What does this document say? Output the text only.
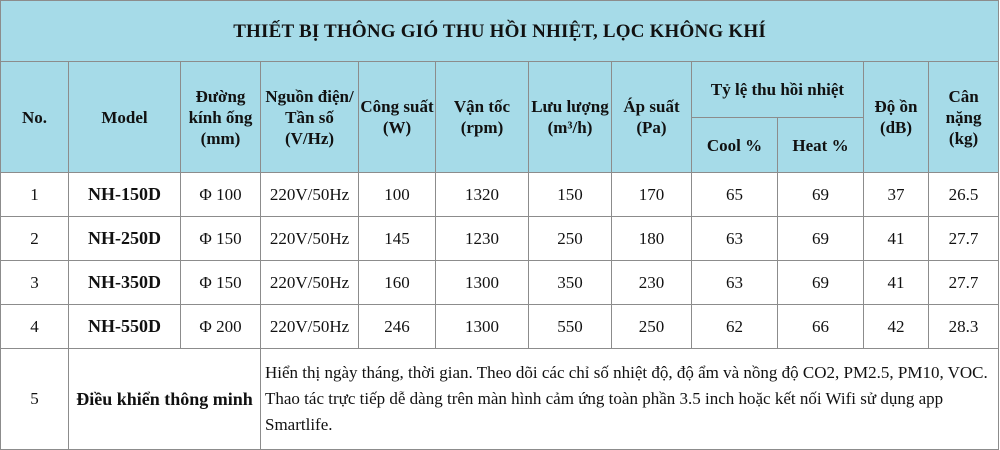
THIẾT BỊ THÔNG GIÓ THU HỒI NHIỆT, LỌC KHÔNG KHÍ											
No.	Model	Đường kính ống (mm)	Nguồn điện/ Tần số (V/Hz)	Công suất (W)	Vận tốc (rpm)	Lưu lượng (m³/h)	Áp suất (Pa)	Tỷ lệ thu hồi nhiệt		Độ ồn (dB)	Cân nặng (kg)
								Cool %	Heat %		
1	NH-150D	Φ 100	220V/50Hz	100	1320	150	170	65	69	37	26.5
2	NH-250D	Φ 150	220V/50Hz	145	1230	250	180	63	69	41	27.7
3	NH-350D	Φ 150	220V/50Hz	160	1300	350	230	63	69	41	27.7
4	NH-550D	Φ 200	220V/50Hz	246	1300	550	250	62	66	42	28.3
5	Điều khiển thông minh		Hiển thị ngày tháng, thời gian. Theo dõi các chỉ số nhiệt độ, độ ẩm và nồng độ CO2, PM2.5, PM10, VOC. Thao tác trực tiếp dễ dàng trên màn hình cảm ứng toàn phần 3.5 inch hoặc kết nối Wifi sử dụng app Smartlife.								
